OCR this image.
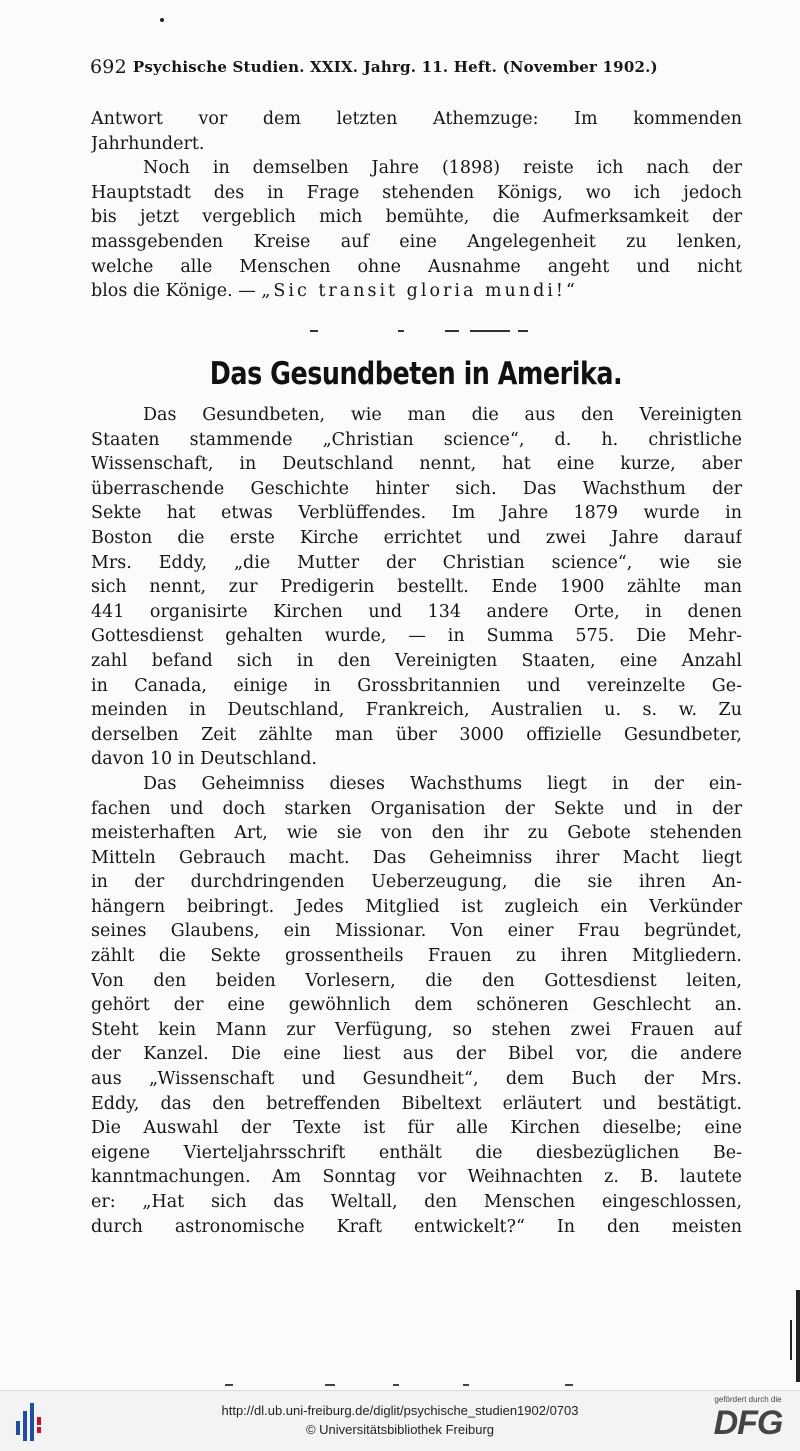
692 Psychische Studien. XXIX. Jahrg. 11. Heft. (November 1902.)
Antwort vor dem letzten Athemzuge: Im kommenden
Jahrhundert.
Noch in demselben Jahre (1898) reiste ich nach der
Hauptstadt des in Frage stehenden Königs, wo ich jedoch
bis jetzt vergeblich mich bemühte, die Aufmerksamkeit der
massgebenden Kreise auf eine Angelegenheit zu lenken,
welche alle Menschen ohne Ausnahme angeht und nicht
blos die Könige. — „Sic transit gloria mundi!“
Das Gesundbeten in Amerika.
Das Gesundbeten, wie man die aus den Vereinigten
Staaten stammende „Christian science“, d. h. christliche
Wissenschaft, in Deutschland nennt, hat eine kurze, aber
überraschende Geschichte hinter sich. Das Wachsthum der
Sekte hat etwas Verblüffendes. Im Jahre 1879 wurde in
Boston die erste Kirche errichtet und zwei Jahre darauf
Mrs. Eddy, „die Mutter der Christian science“, wie sie
sich nennt, zur Predigerin bestellt. Ende 1900 zählte man
441 organisirte Kirchen und 134 andere Orte, in denen
Gottesdienst gehalten wurde, — in Summa 575. Die Mehr-
zahl befand sich in den Vereinigten Staaten, eine Anzahl
in Canada, einige in Grossbritannien und vereinzelte Ge-
meinden in Deutschland, Frankreich, Australien u. s. w. Zu
derselben Zeit zählte man über 3000 offizielle Gesundbeter,
davon 10 in Deutschland.
Das Geheimniss dieses Wachsthums liegt in der ein-
fachen und doch starken Organisation der Sekte und in der
meisterhaften Art, wie sie von den ihr zu Gebote stehenden
Mitteln Gebrauch macht. Das Geheimniss ihrer Macht liegt
in der durchdringenden Ueberzeugung, die sie ihren An-
hängern beibringt. Jedes Mitglied ist zugleich ein Verkünder
seines Glaubens, ein Missionar. Von einer Frau begründet,
zählt die Sekte grossentheils Frauen zu ihren Mitgliedern.
Von den beiden Vorlesern, die den Gottesdienst leiten,
gehört der eine gewöhnlich dem schöneren Geschlecht an.
Steht kein Mann zur Verfügung, so stehen zwei Frauen auf
der Kanzel. Die eine liest aus der Bibel vor, die andere
aus „Wissenschaft und Gesundheit“, dem Buch der Mrs.
Eddy, das den betreffenden Bibeltext erläutert und bestätigt.
Die Auswahl der Texte ist für alle Kirchen dieselbe; eine
eigene Vierteljahrsschrift enthält die diesbezüglichen Be-
kanntmachungen. Am Sonntag vor Weihnachten z. B. lautete
er: „Hat sich das Weltall, den Menschen eingeschlossen,
durch astronomische Kraft entwickelt?“ In den meisten
http://dl.ub.uni-freiburg.de/diglit/psychische_studien1902/0703
© Universitätsbibliothek Freiburg
gefördert durch die
DFG
